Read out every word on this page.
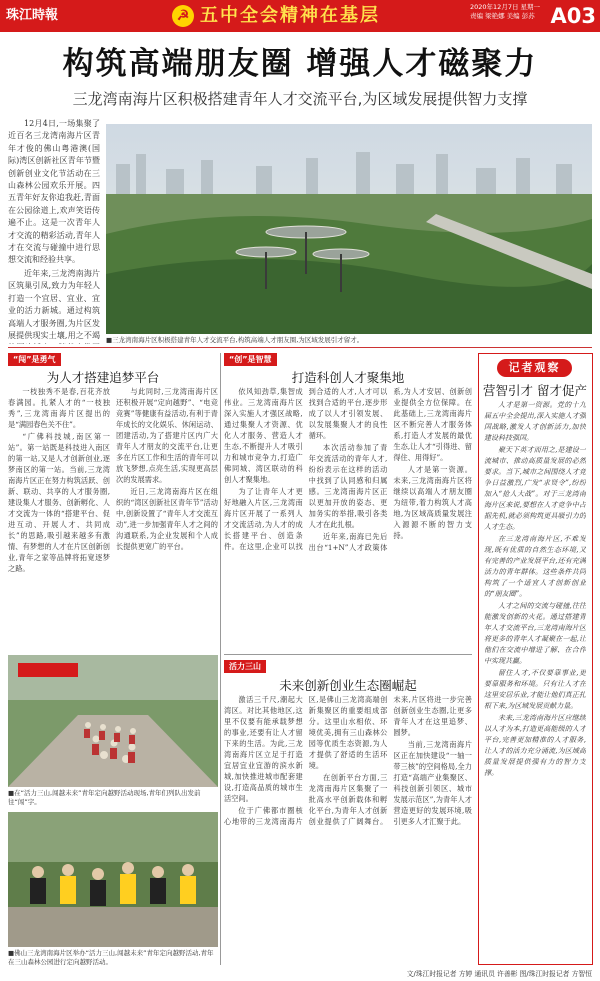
珠江時報	☭ 五中全会精神在基层	2020年12月7日 星期一
责编 梁艳娜 美编 彭苏 A03
构筑高端朋友圈 增强人才磁聚力
三龙湾南海片区积极搭建青年人才交流平台,为区域发展提供智力支撑

12月4日,一场集聚了近百名三龙湾南海片区青年才俊的佛山粤港澳(国际)湾区创新社区青年节暨创新创业文化节活动在三山森林公园欢乐开展。四五青年好友你追我赶,青面在公园徐道上,欢声笑语传遍不止。这是一次青年人才交流的精彩活动,青年人才在交流与碰撞中进行思想交流和经验共享。

近年来,三龙湾南海片区筑巢引凤,致力为年轻人打造一个宜居、宜业、宜业的活力新城。通过构筑高端人才服务圈,为片区发展提供现实土壤,用之不竭

■三龙湾南海片区积极搭建青年人才交流平台,构筑高端人才朋友圈,为区域发展引才留才。
“闯”是勇气
为人才搭建追梦平台

一枝独秀不是春,百花齐放春满园。扎紧人才的“一枝独秀”,三龙湾南海片区提出的是“满园春色关不住”。

“广佛科技城,南区第一站”。第一站既是科技进入南区的第一站,又是人才创新创业,逐梦南区的第一站。当前,三龙湾南海片区正在努力构筑活跃、创新、联动、共享的人才服务圈,建设集人才服务、创新孵化、人才交流为一体的“搭建平台、促进互动、开展人才、共同成长”的思路,吸引越来越多有激情、有梦想的人才在片区创新创业,青年之家等品牌将拓宽逐梦之路。

与此同时,三龙湾南海片区还积极开展“定向越野”、“电竞竞赛”等健康有益活动,有利于青年成长的文化娱乐、休闲运动、团建活动,为了搭建片区内广大青年人才朋友的交流平台,让更多在片区工作和生活的青年可以放飞梦想,点亮生活,实现更高层次的发展需求。

近日,三龙湾南海片区在组织的“湾区创新社区青年节”活动中,创新设置了“青年人才交流互动”,进一步加强青年人才之间的沟通联系,为企业发展和个人成长提供更宽广的平台。

“创”是智慧
打造科创人才聚集地

依风知劲草,集智成伟业。三龙湾南海片区深入实施人才强区战略,通过集聚人才资源、优化人才服务、营造人才生态,不断提升人才吸引力和城市竞争力,打造广佛同城、湾区联动的科创人才聚集地。

为了让青年人才更好地融入片区,三龙湾南海片区开展了一系列人才交流活动,为人才的成长搭建平台、创造条件。在这里,企业可以找到合适的人才,人才可以找到合适的平台,逐步形成了以人才引领发展、以发展集聚人才的良性循环。

本次活动参加了青年交流活动的青年人才,纷纷表示在这样的活动中找到了认同感和归属感。三龙湾南海片区正以更加开放的姿态、更加务实的举措,吸引各类人才在此扎根。

近年来,南海已先后出台“1+N”人才政策体系,为人才安居、创新创业提供全方位保障。在此基础上,三龙湾南海片区不断完善人才服务体系,打造人才发展的最优生态,让人才“引得进、留得住、用得好”。

人才是第一资源。未来,三龙湾南海片区将继续以高端人才朋友圈为纽带,着力构筑人才高地,为区域高质量发展注入源源不断的智力支持。

■在“活力三山,闯越未来”青年定向越野活动现场,青年们列队出发前往“闯”字。
■佛山三龙湾南海片区举办“活力三山,闯越未来”青年定向越野活动,青年在三山森林公园进行定向越野活动。
活力三山
未来创新创业生态圈崛起

激活三千尺,潮起大湾区。对比其他地区,这里不仅要有能承载梦想的事业,还要有让人才留下来的生活。为此,三龙湾南海片区立足于打造宜居宜业宜游的滨水新城,加快推进城市配套建设,打造高品质的城市生活空间。

位于广佛都市圈核心地带的三龙湾南海片区,是佛山三龙湾高端创新集聚区的重要组成部分。这里山水相依、环境优美,拥有三山森林公园等优质生态资源,为人才提供了舒适的生活环境。

在创新平台方面,三龙湾南海片区集聚了一批高水平创新载体和孵化平台,为青年人才创新创业提供了广阔舞台。未来,片区将进一步完善创新创业生态圈,让更多青年人才在这里追梦、圆梦。

当前,三龙湾南海片区正在加快建设“一轴一带三核”的空间格局,全力打造“高端产业集聚区、科技创新引领区、城市发展示范区”,为青年人才营造更好的发展环境,吸引更多人才汇聚于此。

记者观察
营智引才 留才促产

人才是第一资源。党的十九届五中全会提出,深入实施人才强国战略,激发人才创新活力,加快建设科技强国。

聚天下英才而用之,是建设一流城市、推动高质量发展的必然要求。当下,城市之间围绕人才竞争日益激烈,广发“求贤令”,纷纷加入“抢人大战”。对于三龙湾南海片区来说,要想在人才竞争中占据先机,就必须构筑更具吸引力的人才生态。

在三龙湾南海片区,不难发现,既有优质的自然生态环境,又有完善的产业发展平台,还有充满活力的青年群体。这些条件共同构筑了一个适宜人才创新创业的“朋友圈”。

人才之间的交流与碰撞,往往能激发创新的火花。通过搭建青年人才交流平台,三龙湾南海片区将更多的青年人才凝聚在一起,让他们在交流中增进了解、在合作中实现共赢。

留住人才,不仅要靠事业,更要靠服务和环境。只有让人才在这里安居乐业,才能让他们真正扎根下来,为区域发展贡献力量。

未来,三龙湾南海片区应继续以人才为本,打造更高能级的人才平台,完善更加精准的人才服务,让人才的活力充分涌流,为区域高质量发展提供强有力的智力支撑。

文/珠江时报记者 方婷 通讯员 许善彬 图/珠江时报记者 方智恒
